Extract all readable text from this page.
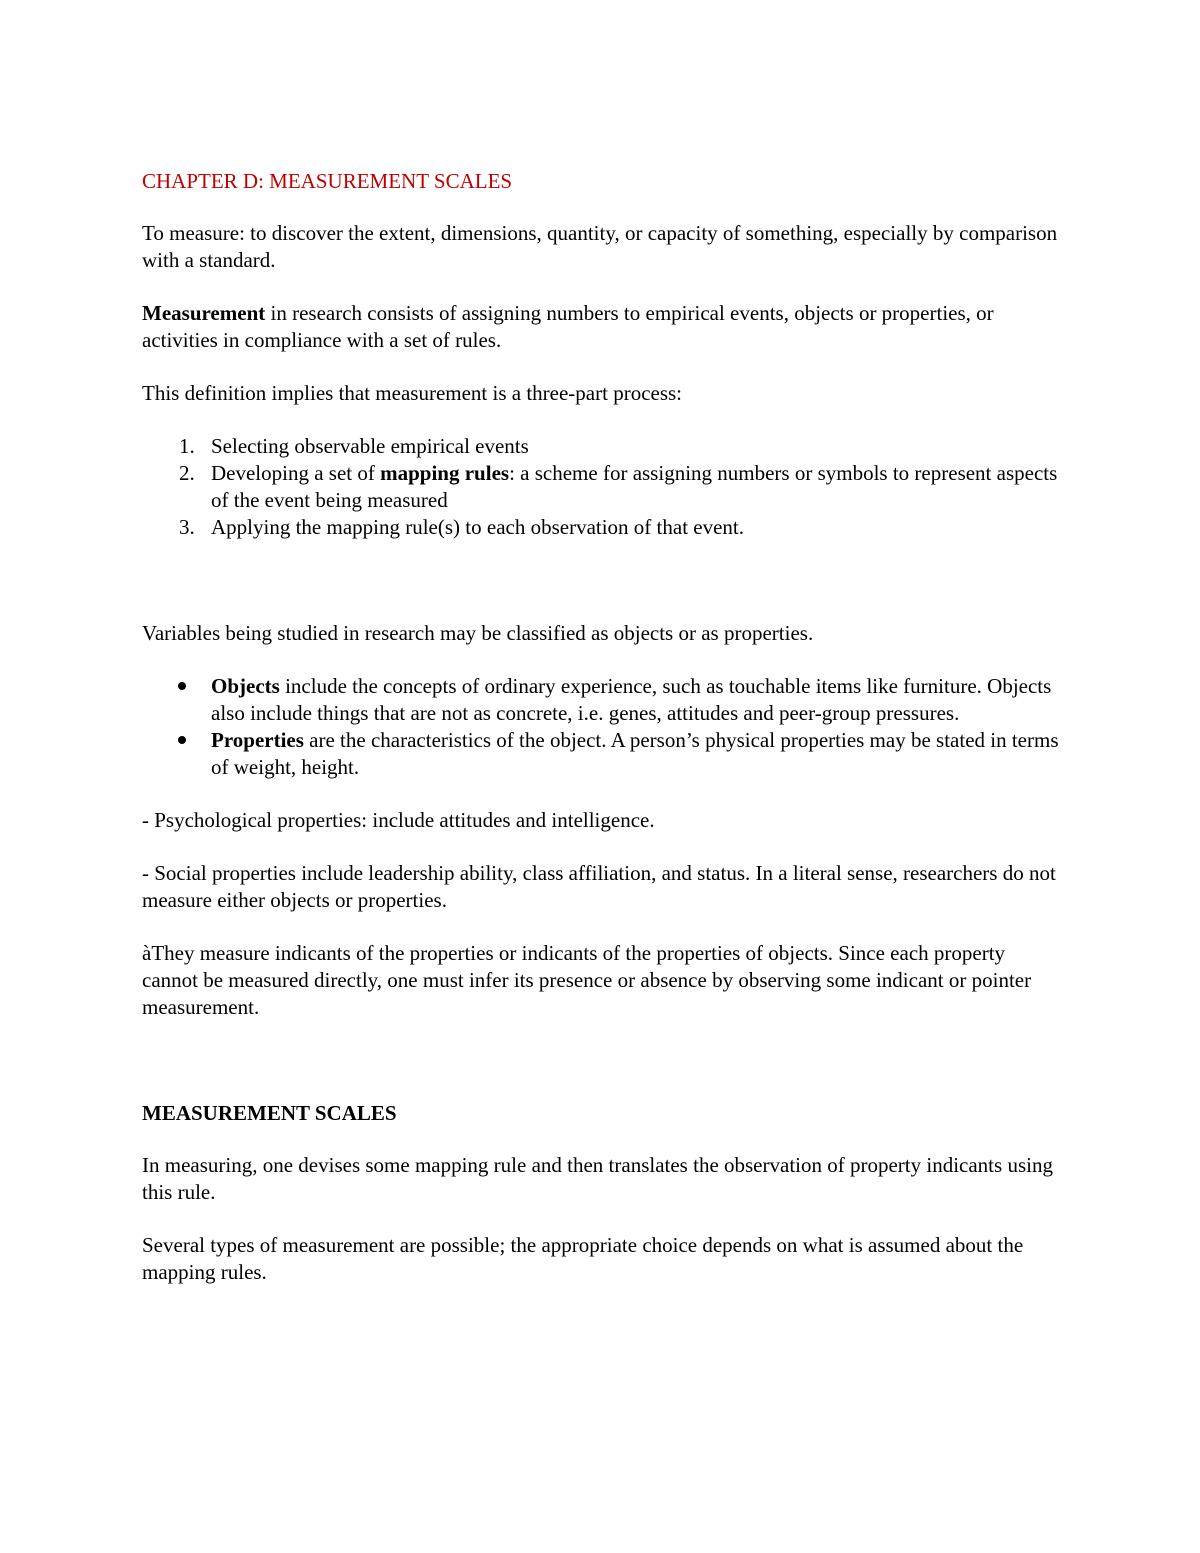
CHAPTER D: MEASUREMENT SCALES

To measure: to discover the extent, dimensions, quantity, or capacity of something, especially by comparison with a standard.

Measurement in research consists of assigning numbers to empirical events, objects or properties, or activities in compliance with a set of rules.

This definition implies that measurement is a three-part process:

1. Selecting observable empirical events
2. Developing a set of mapping rules: a scheme for assigning numbers or symbols to represent aspects of the event being measured
3. Applying the mapping rule(s) to each observation of that event.

Variables being studied in research may be classified as objects or as properties.

Objects include the concepts of ordinary experience, such as touchable items like furniture. Objects also include things that are not as concrete, i.e. genes, attitudes and peer-group pressures.
Properties are the characteristics of the object. A person’s physical properties may be stated in terms of weight, height.

- Psychological properties: include attitudes and intelligence.

- Social properties include leadership ability, class affiliation, and status. In a literal sense, researchers do not measure either objects or properties.

àThey measure indicants of the properties or indicants of the properties of objects. Since each property cannot be measured directly, one must infer its presence or absence by observing some indicant or pointer measurement.

MEASUREMENT SCALES

In measuring, one devises some mapping rule and then translates the observation of property indicants using this rule.

Several types of measurement are possible; the appropriate choice depends on what is assumed about the mapping rules.
